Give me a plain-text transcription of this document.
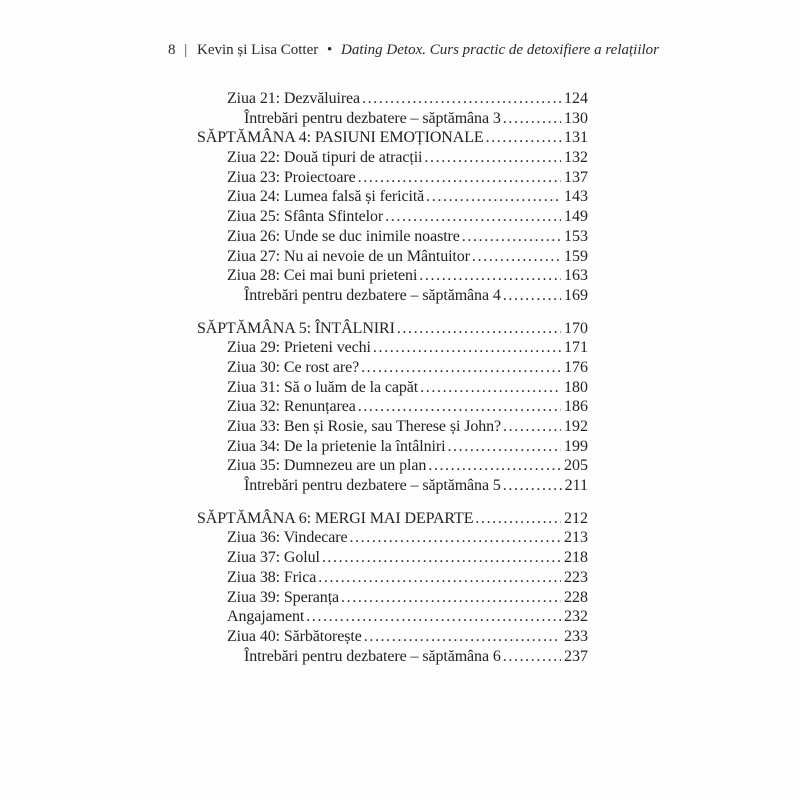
8 | Kevin și Lisa Cotter • Dating Detox. Curs practic de detoxifiere a relațiilor
Ziua 21: Dezvăluirea .....	124
Întrebări pentru dezbatere – săptămâna 3 .....	130
SĂPTĂMÂNA 4: PASIUNI EMOȚIONALE .....	131
Ziua 22: Două tipuri de atracții .....	132
Ziua 23: Proiectoare .....	137
Ziua 24: Lumea falsă și fericită .....	143
Ziua 25: Sfânta Sfintelor .....	149
Ziua 26: Unde se duc inimile noastre .....	153
Ziua 27: Nu ai nevoie de un Mântuitor .....	159
Ziua 28: Cei mai buni prieteni .....	163
Întrebări pentru dezbatere – săptămâna 4 .....	169
SĂPTĂMÂNA 5: ÎNTÂLNIRI .....	170
Ziua 29: Prieteni vechi .....	171
Ziua 30: Ce rost are? .....	176
Ziua 31: Să o luăm de la capăt .....	180
Ziua 32: Renunțarea .....	186
Ziua 33: Ben și Rosie, sau Therese și John? .....	192
Ziua 34: De la prietenie la întâlniri .....	199
Ziua 35: Dumnezeu are un plan .....	205
Întrebări pentru dezbatere – săptămâna 5 .....	211
SĂPTĂMÂNA 6: MERGI MAI DEPARTE .....	212
Ziua 36: Vindecare .....	213
Ziua 37: Golul .....	218
Ziua 38: Frica .....	223
Ziua 39: Speranța .....	228
Angajament .....	232
Ziua 40: Sărbătorește .....	233
Întrebări pentru dezbatere – săptămâna 6 .....	237
